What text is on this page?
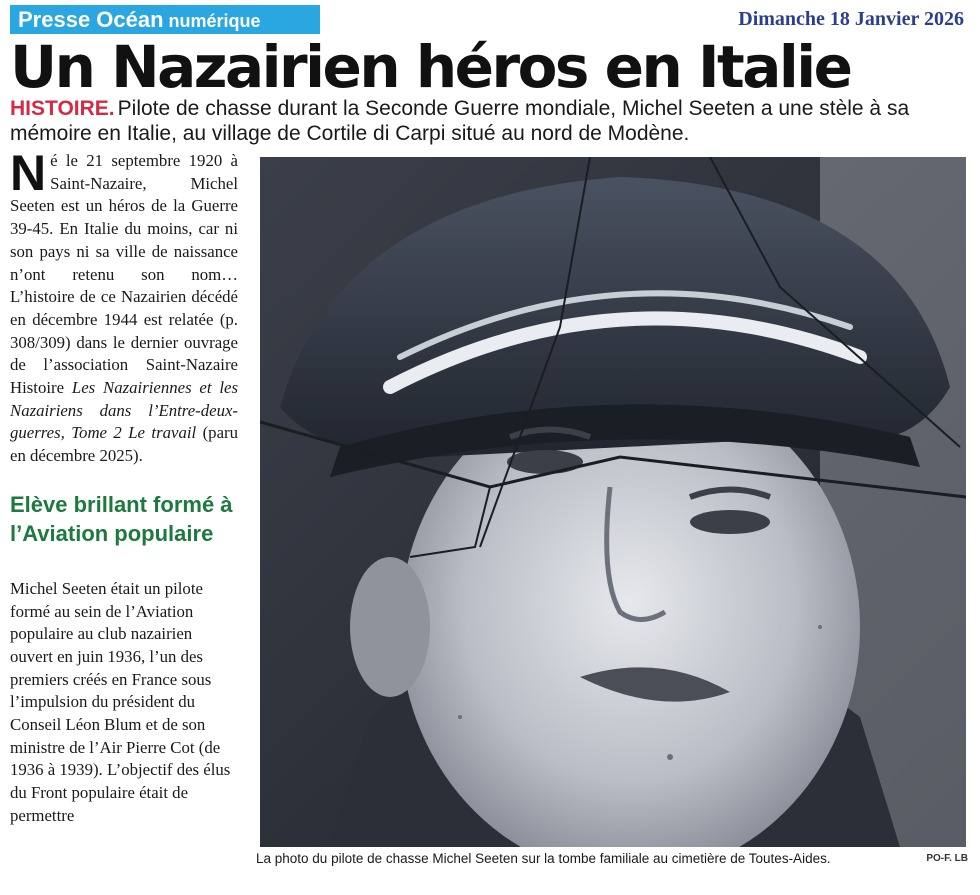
Presse Océan numérique	Dimanche 18 Janvier 2026
Un Nazairien héros en Italie

HISTOIRE. Pilote de chasse durant la Seconde Guerre mondiale, Michel Seeten a une stèle à sa mémoire en Italie, au village de Cortile di Carpi situé au nord de Modène.

Né le 21 septembre 1920 à Saint-Nazaire, Michel Seeten est un héros de la Guerre 39-45. En Italie du moins, car ni son pays ni sa ville de naissance n’ont retenu son nom… L’histoire de ce Nazairien décédé en décembre 1944 est relatée (p. 308/309) dans le dernier ouvrage de l’association Saint-Nazaire Histoire Les Nazairiennes et les Nazairiens dans l’Entre-deux-guerres, Tome 2 Le travail (paru en décembre 2025).

Elève brillant formé à l’Aviation populaire

Michel Seeten était un pilote formé au sein de l’Aviation populaire au club nazairien ouvert en juin 1936, l’un des premiers créés en France sous l’impulsion du président du Conseil Léon Blum et de son ministre de l’Air Pierre Cot (de 1936 à 1939). L’objectif des élus du Front populaire était de permettre

La photo du pilote de chasse Michel Seeten sur la tombe familiale au cimetière de Toutes-Aides.	PO-F. LB
